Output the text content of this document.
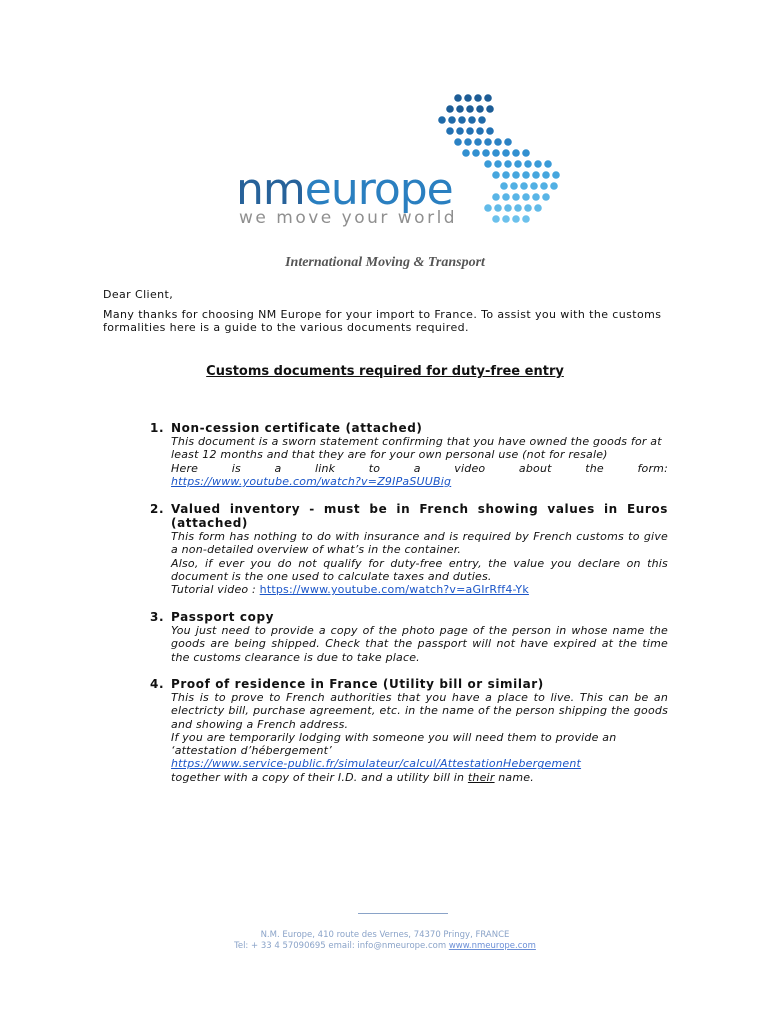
nmeurope
we move your world
International Moving & Transport
Dear Client,
Many thanks for choosing NM Europe for your import to France. To assist you with the customs formalities here is a guide to the various documents required.
Customs documents required for duty-free entry
1. Non-cession certificate (attached)
This document is a sworn statement confirming that you have owned the goods for at least 12 months and that they are for your own personal use (not for resale)
Here is a link to a video about the form:
https://www.youtube.com/watch?v=Z9IPaSUUBig
2. Valued inventory - must be in French showing values in Euros (attached)
This form has nothing to do with insurance and is required by French customs to give a non-detailed overview of what’s in the container.
Also, if ever you do not qualify for duty-free entry, the value you declare on this document is the one used to calculate taxes and duties.
Tutorial video : https://www.youtube.com/watch?v=aGIrRff4-Yk
3. Passport copy
You just need to provide a copy of the photo page of the person in whose name the goods are being shipped. Check that the passport will not have expired at the time the customs clearance is due to take place.
4. Proof of residence in France (Utility bill or similar)
This is to prove to French authorities that you have a place to live. This can be an electricty bill, purchase agreement, etc. in the name of the person shipping the goods and showing a French address.
If you are temporarily lodging with someone you will need them to provide an
‘attestation d’hébergement’
https://www.service-public.fr/simulateur/calcul/AttestationHebergement
together with a copy of their I.D. and a utility bill in their name.
N.M. Europe, 410 route des Vernes, 74370 Pringy, FRANCE
Tel: + 33 4 57090695 email: info@nmeurope.com www.nmeurope.com
